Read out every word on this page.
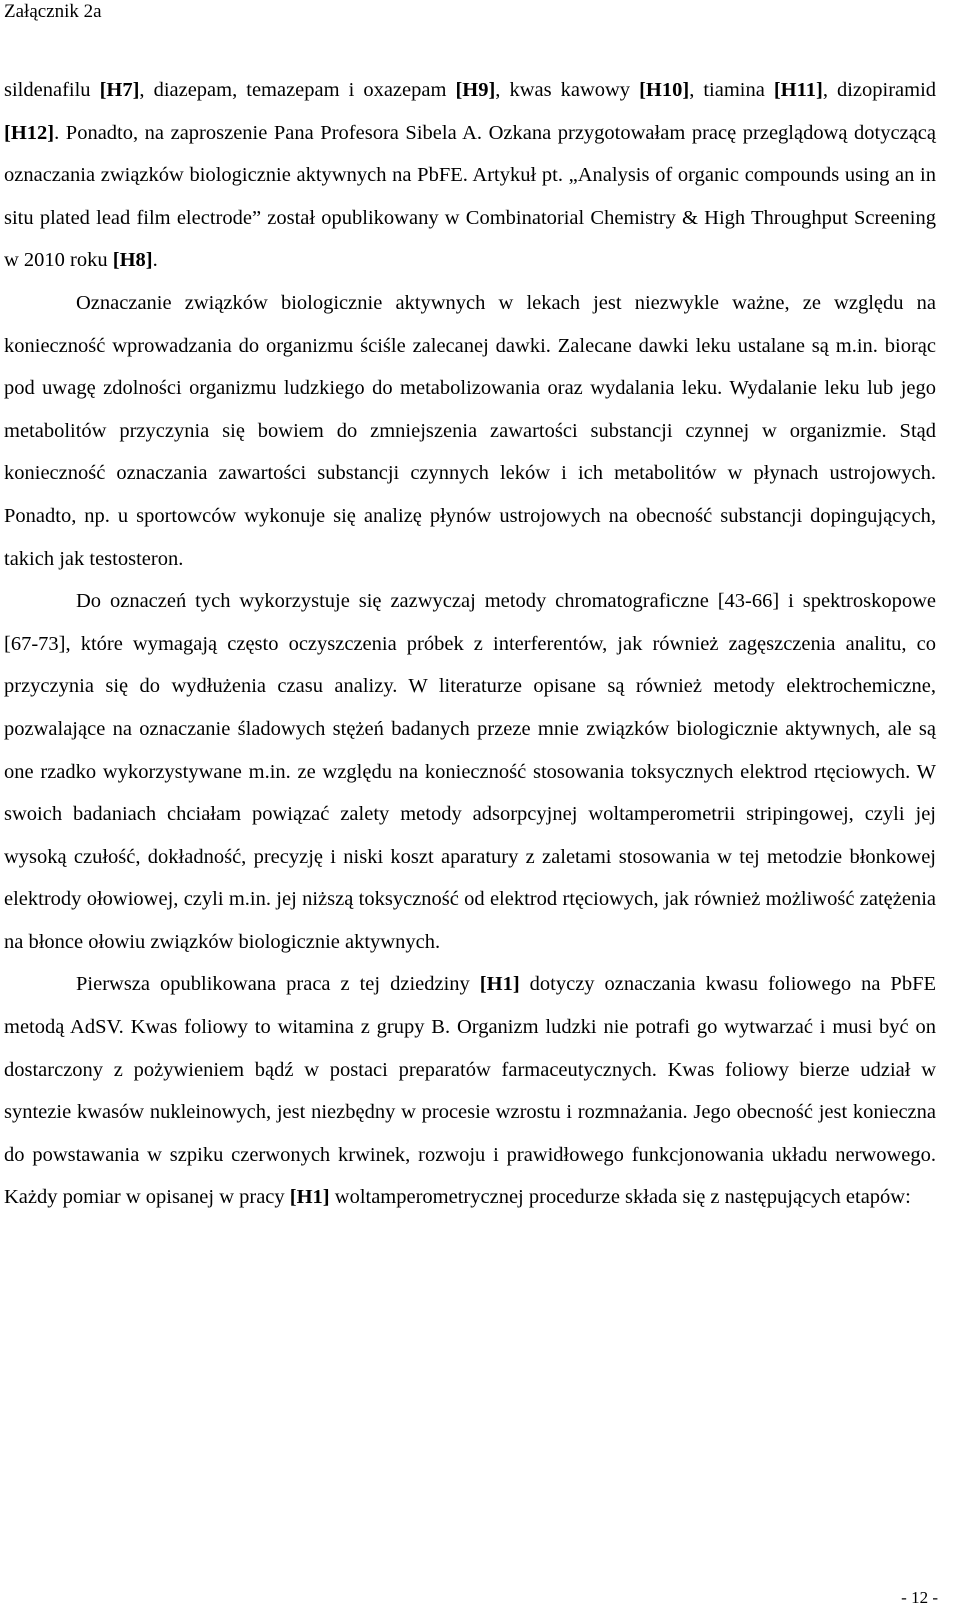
Załącznik 2a

sildenafilu [H7], diazepam, temazepam i oxazepam [H9], kwas kawowy [H10], tiamina [H11], dizopiramid [H12]. Ponadto, na zaproszenie Pana Profesora Sibela A. Ozkana przygotowałam pracę przeglądową dotyczącą oznaczania związków biologicznie aktywnych na PbFE. Artykuł pt. „Analysis of organic compounds using an in situ plated lead film electrode” został opublikowany w Combinatorial Chemistry & High Throughput Screening w 2010 roku [H8].

Oznaczanie związków biologicznie aktywnych w lekach jest niezwykle ważne, ze względu na konieczność wprowadzania do organizmu ściśle zalecanej dawki. Zalecane dawki leku ustalane są m.in. biorąc pod uwagę zdolności organizmu ludzkiego do metabolizowania oraz wydalania leku. Wydalanie leku lub jego metabolitów przyczynia się bowiem do zmniejszenia zawartości substancji czynnej w organizmie. Stąd konieczność oznaczania zawartości substancji czynnych leków i ich metabolitów w płynach ustrojowych. Ponadto, np. u sportowców wykonuje się analizę płynów ustrojowych na obecność substancji dopingujących, takich jak testosteron.

Do oznaczeń tych wykorzystuje się zazwyczaj metody chromatograficzne [43-66] i spektroskopowe [67-73], które wymagają często oczyszczenia próbek z interferentów, jak również zagęszczenia analitu, co przyczynia się do wydłużenia czasu analizy. W literaturze opisane są również metody elektrochemiczne, pozwalające na oznaczanie śladowych stężeń badanych przeze mnie związków biologicznie aktywnych, ale są one rzadko wykorzystywane m.in. ze względu na konieczność stosowania toksycznych elektrod rtęciowych. W swoich badaniach chciałam powiązać zalety metody adsorpcyjnej woltamperometrii stripingowej, czyli jej wysoką czułość, dokładność, precyzję i niski koszt aparatury z zaletami stosowania w tej metodzie błonkowej elektrody ołowiowej, czyli m.in. jej niższą toksyczność od elektrod rtęciowych, jak również możliwość zatężenia na błonce ołowiu związków biologicznie aktywnych.

Pierwsza opublikowana praca z tej dziedziny [H1] dotyczy oznaczania kwasu foliowego na PbFE metodą AdSV. Kwas foliowy to witamina z grupy B. Organizm ludzki nie potrafi go wytwarzać i musi być on dostarczony z pożywieniem bądź w postaci preparatów farmaceutycznych. Kwas foliowy bierze udział w syntezie kwasów nukleinowych, jest niezbędny w procesie wzrostu i rozmnażania. Jego obecność jest konieczna do powstawania w szpiku czerwonych krwinek, rozwoju i prawidłowego funkcjonowania układu nerwowego. Każdy pomiar w opisanej w pracy [H1] woltamperometrycznej procedurze składa się z następujących etapów:

- 12 -
